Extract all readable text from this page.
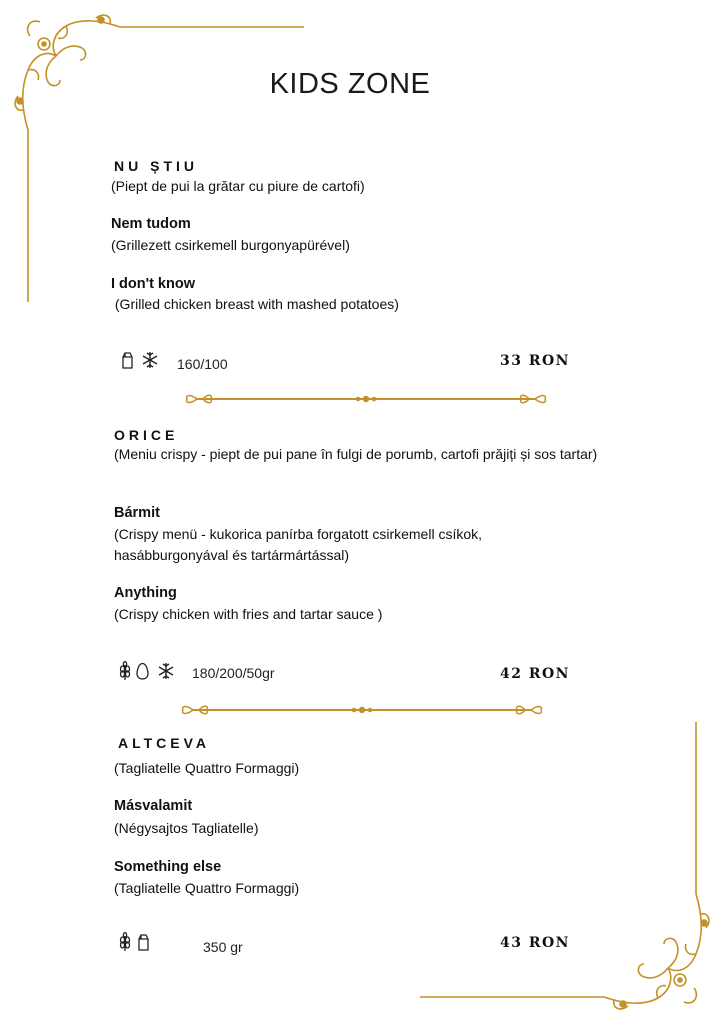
KIDS ZONE
NU ȘTIU
(Piept de pui la grătar cu piure de cartofi)
Nem tudom
(Grillezett csirkemell burgonyapürével)
I don't know
(Grilled chicken breast with mashed potatoes)
160/100	33 RON
ORICE
(Meniu crispy - piept de pui pane în fulgi de porumb, cartofi prăjiți și sos tartar)
Bármit
(Crispy menü - kukorica panírba forgatott csirkemell csíkok, hasábburgonyával és tartármártással)
Anything
(Crispy chicken with fries and tartar sauce )
180/200/50gr	42 RON
ALTCEVA
(Tagliatelle Quattro Formaggi)
Másvalamit
(Négysajtos Tagliatelle)
Something else
(Tagliatelle Quattro Formaggi)
350 gr	43 RON
